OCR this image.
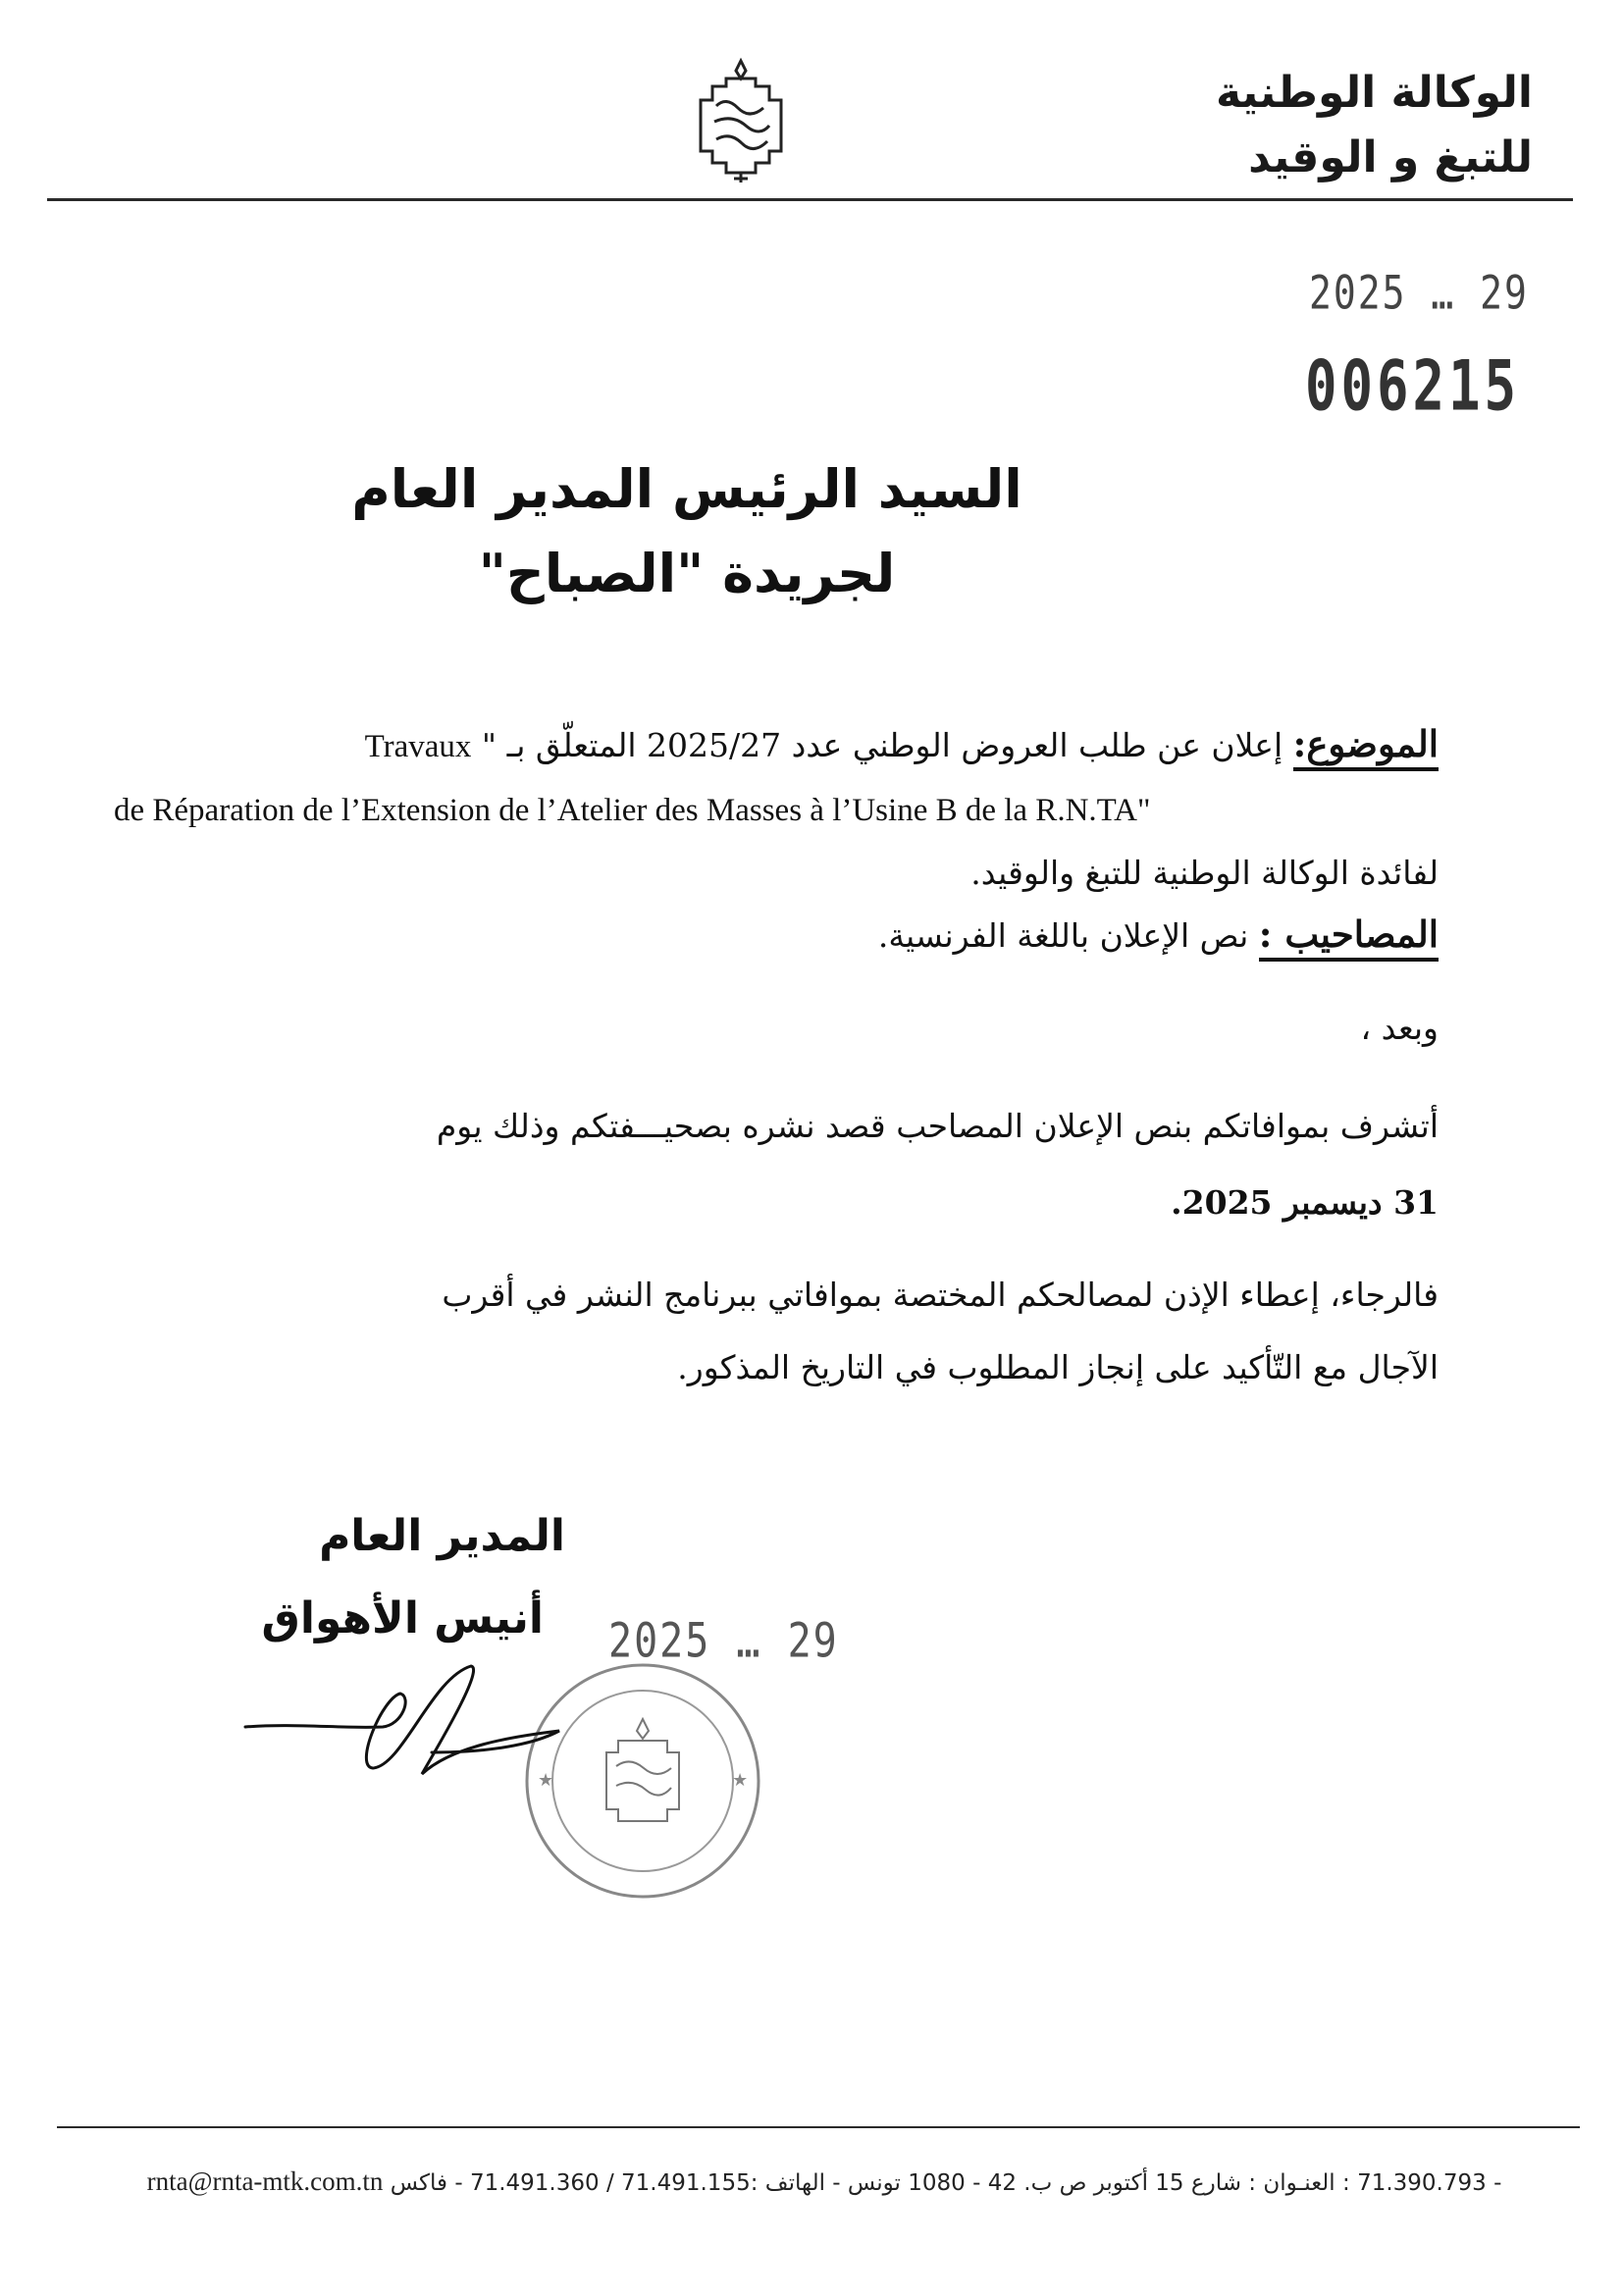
الوكالة الوطنية
للتبغ و الوقيد
2025 … 29
006215
السيد الرئيس المدير العام
لجريدة "الصباح"
الموضوع: إعلان عن طلب العروض الوطني عدد 2025/27 المتعلّق بـ " Travaux
de Réparation de l’Extension de l’Atelier des Masses à l’Usine B de la R.N.TA"
لفائدة الوكالة الوطنية للتبغ والوقيد.
المصاحيب : نص الإعلان باللغة الفرنسية.
وبعد ،
أتشرف بموافاتكم بنص الإعلان المصاحب قصد نشره بصحيـــفتكم وذلك يوم
31 ديسمبر 2025.
فالرجاء، إعطاء الإذن لمصالحكم المختصة بموافاتي ببرنامج النشر في أقرب
الآجال مع التّأكيد على إنجاز المطلوب في التاريخ المذكور.
المدير العام
أنيس الأهواق 2025 … 29
★	★
rnta@rnta-mtk.com.tn - 71.390.793 : العنـوان : شارع 15 أكتوبر ص ب. 42 - 1080 تونس - الهاتف :71.491.155 / 71.491.360 - فاكس
